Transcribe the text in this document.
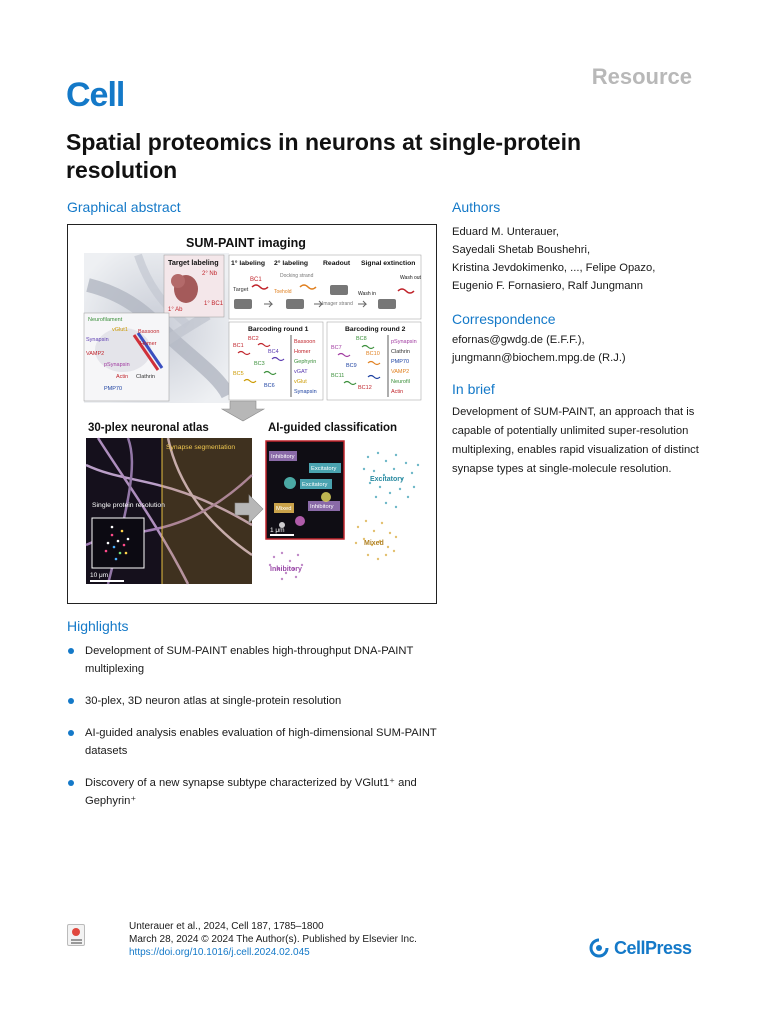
Cell	Resource
Spatial proteomics in neurons at single-protein resolution
Graphical abstract
SUM-PAINT imaging
Target labeling
2° Nb
1° Ab
1° BC1
Neurofilament
vGlut1
Synapsin
Bassoon
Homer
VAMP2
pSynapsin
Actin Clathrin
PMP70
1° labeling 2° labeling Readout Signal extinction
BC1
Target
Docking strand
Toehold
Imager strand
Wash in
Wash out
Barcoding round 1
BC1
BC2
BC3
BC4
BC5
BC6
Bassoon
Homer
Gephyrin
vGAT
vGlut
Synapsin
Barcoding round 2
BC7
BC8
BC9
BC10
BC11
BC12
pSynapsin
Clathrin
PMP70
VAMP2
Neurofil
Actin
30-plex neuronal atlas
Synapse segmentation
Single protein resolution
10 μm
AI-guided classification
Inhibitory
Excitatory
Excitatory
Mixed	Inhibitory
1 μm
Excitatory
Mixed
Inhibitory
Authors
Eduard M. Unterauer,
Sayedali Shetab Boushehri,
Kristina Jevdokimenko, ..., Felipe Opazo,
Eugenio F. Fornasiero, Ralf Jungmann
Correspondence
efornas@gwdg.de (E.F.F.),
jungmann@biochem.mpg.de (R.J.)
In brief
Development of SUM-PAINT, an approach that is capable of potentially unlimited super-resolution multiplexing, enables rapid visualization of distinct synapse types at single-molecule resolution.
Highlights
Development of SUM-PAINT enables high-throughput DNA-PAINT multiplexing
30-plex, 3D neuron atlas at single-protein resolution
AI-guided analysis enables evaluation of high-dimensional SUM-PAINT datasets
Discovery of a new synapse subtype characterized by VGlut1⁺ and Gephyrin⁺
Unterauer et al., 2024, Cell 187, 1785–1800
March 28, 2024 © 2024 The Author(s). Published by Elsevier Inc.
https://doi.org/10.1016/j.cell.2024.02.045	CellPress
